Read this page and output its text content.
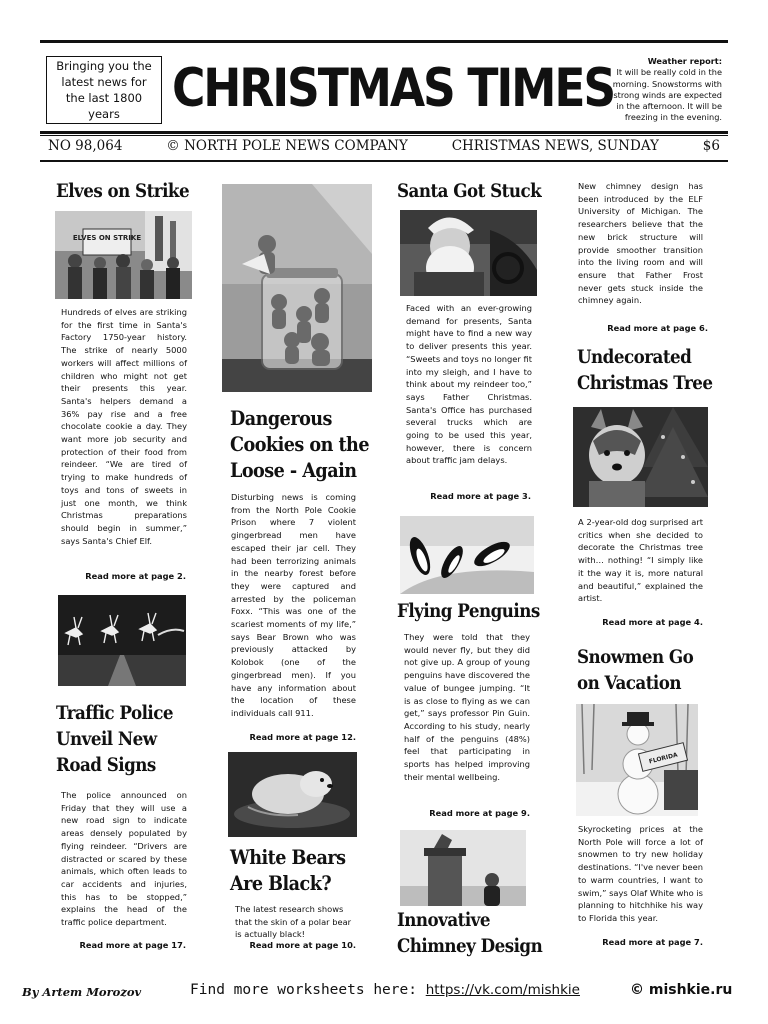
Bringing you the latest news for the last 1800 years CHRISTMAS TIMES	Weather report:
It will be really cold in the morning. Snowstorms with strong winds are expected in the afternoon. It will be freezing in the evening.
NO 98,064	© NORTH POLE NEWS COMPANY	CHRISTMAS NEWS, SUNDAY	$6
Elves on Strike
ELVES ON STRIKE
Hundreds of elves are striking for the first time in Santa's Factory 1750-year history. The strike of nearly 5000 workers will affect millions of children who might not get their presents this year. Santa's helpers demand a 36% pay rise and a free chocolate cookie a day. They want more job security and protection of their food from reindeer. “We are tired of trying to make hundreds of toys and tons of sweets in just one month, we think Christmas preparations should begin in summer,” says Santa's Chief Elf.
Read more at page 2.
Traffic Police
Unveil New
Road Signs
The police announced on Friday that they will use a new road sign to indicate areas densely populated by flying reindeer. “Drivers are distracted or scared by these animals, which often leads to car accidents and injuries, this has to be stopped,” explains the head of the traffic police department.
Read more at page 17.
Dangerous
Cookies on the
Loose - Again
Disturbing news is coming from the North Pole Cookie Prison where 7 violent gingerbread men have escaped their jar cell. They had been terrorizing animals in the nearby forest before they were captured and arrested by the policeman Foxx. “This was one of the scariest moments of my life,” says Bear Brown who was previously attacked by Kolobok (one of the gingerbread men). If you have any information about the location of these individuals call 911.
Read more at page 12.
White Bears
Are Black?
The latest research shows that the skin of a polar bear is actually black!
Read more at page 10.
Santa Got Stuck
Faced with an ever-growing demand for presents, Santa might have to find a new way to deliver presents this year. “Sweets and toys no longer fit into my sleigh, and I have to think about my reindeer too,” says Father Christmas. Santa's Office has purchased several trucks which are going to be used this year, however, there is concern about traffic jam delays.
Read more at page 3.
Flying Penguins
They were told that they would never fly, but they did not give up. A group of young penguins have discovered the value of bungee jumping. “It is as close to flying as we can get,” says professor Pin Guin. According to his study, nearly half of the penguins (48%) feel that participating in sports has helped improving their mental wellbeing.
Read more at page 9.
Innovative
Chimney Design
New chimney design has been introduced by the ELF University of Michigan. The researchers believe that the new brick structure will provide smoother transition into the living room and will ensure that Father Frost never gets stuck inside the chimney again.
Read more at page 6.
Undecorated
Christmas Tree
A 2-year-old dog surprised art critics when she decided to decorate the Christmas tree with… nothing! “I simply like it the way it is, more natural and beautiful,” explained the artist.
Read more at page 4.
Snowmen Go
on Vacation
FLORIDA
Skyrocketing prices at the North Pole will force a lot of snowmen to try new holiday destinations. “I've never been to warm countries, I want to swim,” says Olaf White who is planning to hitchhike his way to Florida this year.
Read more at page 7.
By Artem Morozov	Find more worksheets here: https://vk.com/mishkie	© mishkie.ru
